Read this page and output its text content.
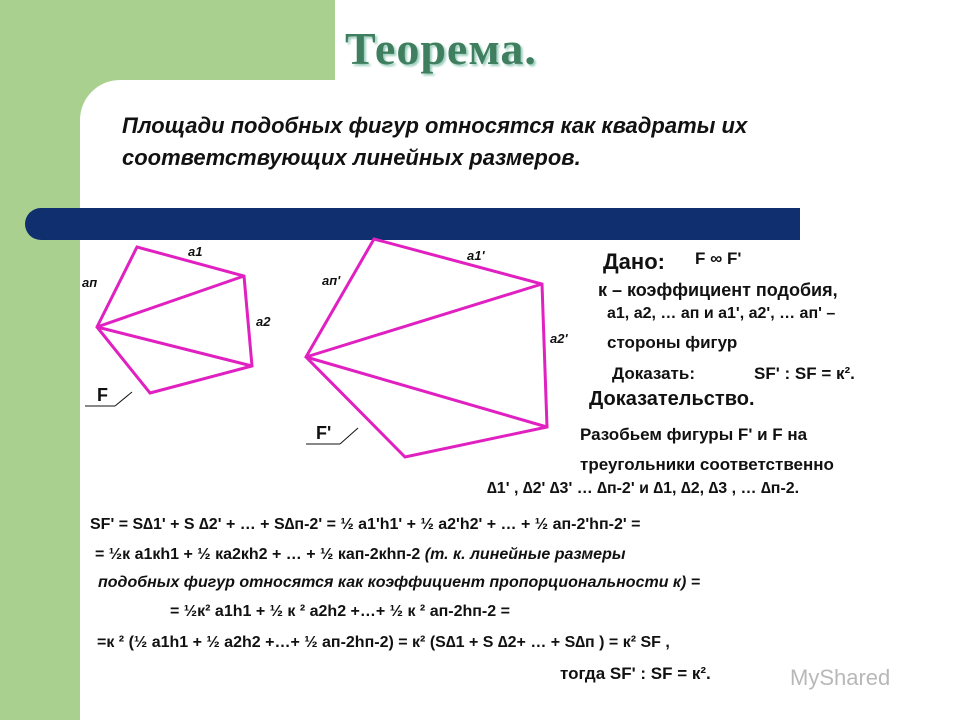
Теорема.
Площади подобных фигур относятся как квадраты их
соответствующих линейных размеров.
а1
ап
а2
а1'
ап'
а2'
F
F'
Дано: F ∞ F'
к – коэффициент подобия,
а1, а2, … ап и а1', а2', … ап' –
стороны фигур
Доказать:	SF' : SF = к².
Доказательство.
Разобьем фигуры F' и F на
треугольники соответственно
∆1' , ∆2' ∆3' … ∆п-2' и ∆1, ∆2, ∆3 , … ∆п-2.
SF' = S∆1' + S ∆2' + … + S∆п-2' = ½ а1'h1' + ½ а2'h2' + … + ½ ап-2'hп-2' =
= ½к а1кh1 + ½ ка2кh2 + … + ½ кап-2кhп-2 (т. к. линейные размеры
подобных фигур относятся как коэффициент пропорциональности к) =
= ½к² а1h1 + ½ к ² а2h2 +…+ ½ к ² ап-2hп-2 =
=к ² (½ а1h1 + ½ а2h2 +…+ ½ ап-2hп-2) = к² (S∆1 + S ∆2+ … + S∆п ) = к² SF ,
тогда SF' : SF = к².	MyShared
